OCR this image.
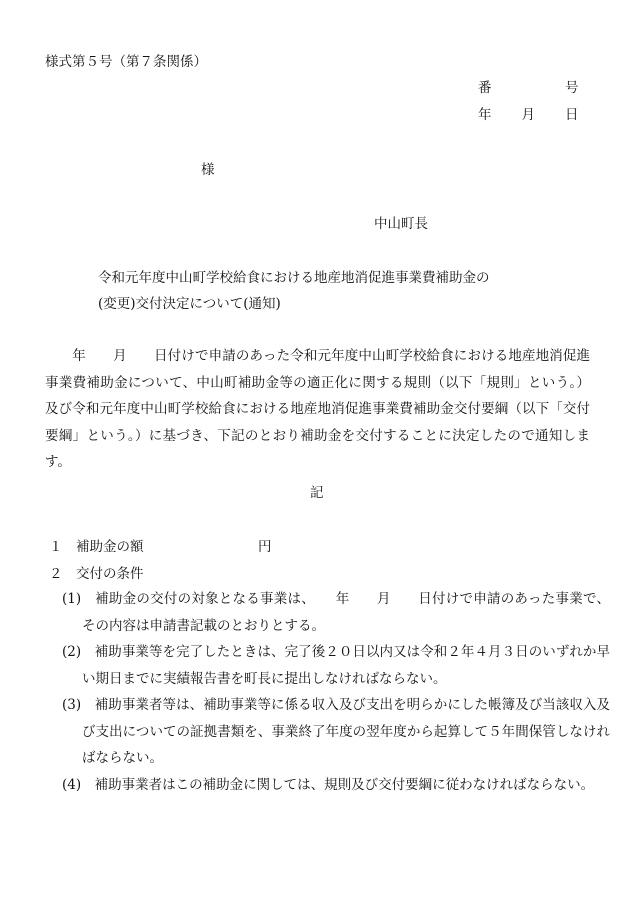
様式第５号（第７条関係）
番　　　　　号
年　　月　　日
様
中山町長
令和元年度中山町学校給食における地産地消促進事業費補助金の
(変更)交付決定について(通知)
　　年　　月　　日付けで申請のあった令和元年度中山町学校給食における地産地消促進事業費補助金について、中山町補助金等の適正化に関する規則（以下「規則」という。）及び令和元年度中山町学校給食における地産地消促進事業費補助金交付要綱（以下「交付要綱」という。）に基づき、下記のとおり補助金を交付することに決定したので通知します。
記
１ 補助金の額	円
２ 交付の条件
(1)　補助金の交付の対象となる事業は、　　年　　月　　日付けで申請のあった事業で、その内容は申請書記載のとおりとする。
(2)　補助事業等を完了したときは、完了後２０日以内又は令和２年４月３日のいずれか早い期日までに実績報告書を町長に提出しなければならない。
(3)　補助事業者等は、補助事業等に係る収入及び支出を明らかにした帳簿及び当該収入及び支出についての証拠書類を、事業終了年度の翌年度から起算して５年間保管しなければならない。
(4)　補助事業者はこの補助金に関しては、規則及び交付要綱に従わなければならない。
